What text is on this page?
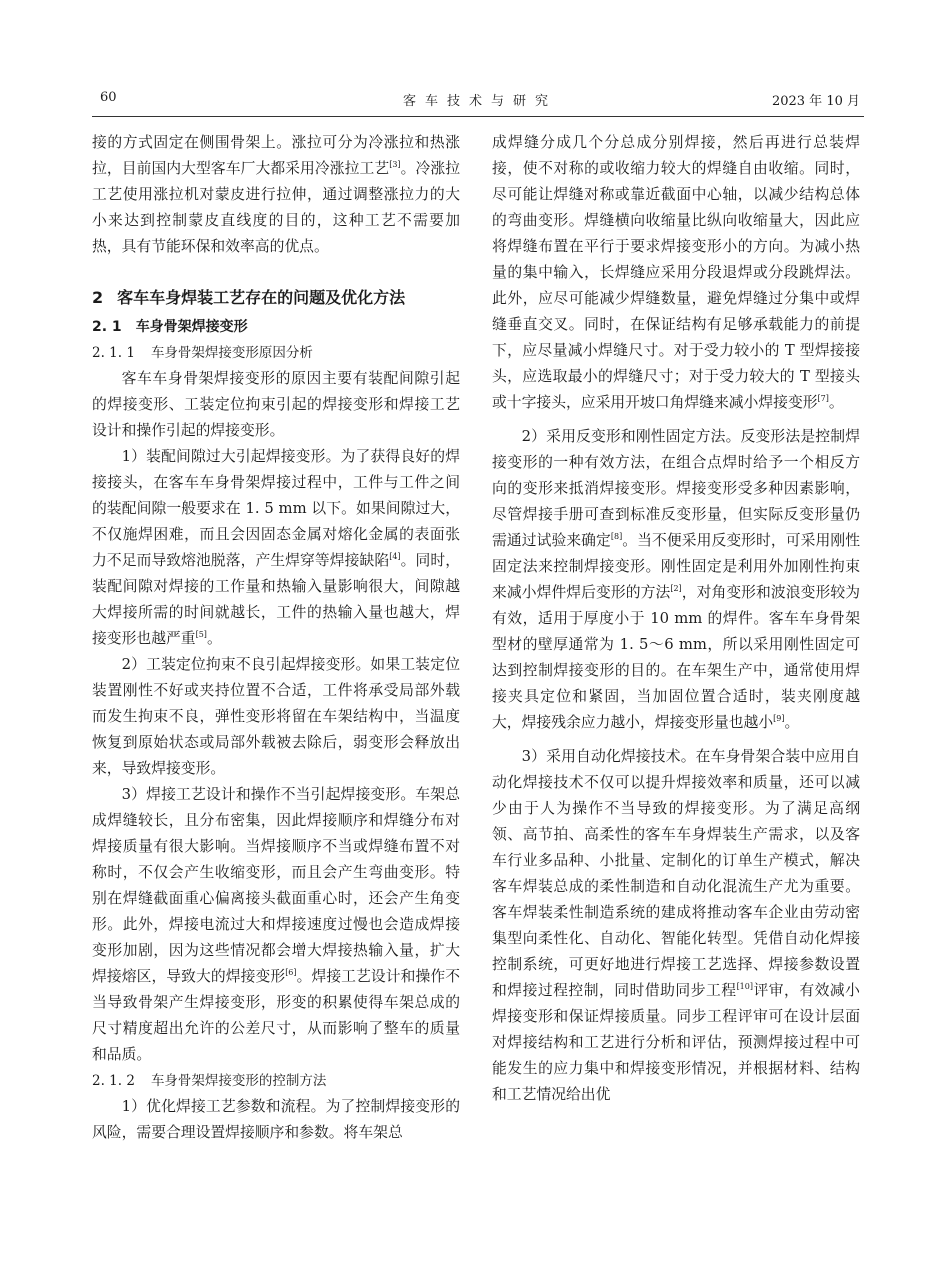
60	客车技术与研究	2023 年 10 月

接的方式固定在侧围骨架上。涨拉可分为冷涨拉和热涨拉，目前国内大型客车厂大都采用冷涨拉工艺[3]。冷涨拉工艺使用涨拉机对蒙皮进行拉伸，通过调整涨拉力的大小来达到控制蒙皮直线度的目的，这种工艺不需要加热，具有节能环保和效率高的优点。

2 客车车身焊装工艺存在的问题及优化方法
2. 1 车身骨架焊接变形
2. 1. 1 车身骨架焊接变形原因分析

客车车身骨架焊接变形的原因主要有装配间隙引起的焊接变形、工装定位拘束引起的焊接变形和焊接工艺设计和操作引起的焊接变形。

1）装配间隙过大引起焊接变形。为了获得良好的焊接接头，在客车车身骨架焊接过程中，工件与工件之间的装配间隙一般要求在 1. 5 mm 以下。如果间隙过大，不仅施焊困难，而且会因固态金属对熔化金属的表面张力不足而导致熔池脱落，产生焊穿等焊接缺陷[4]。同时，装配间隙对焊接的工作量和热输入量影响很大，间隙越大焊接所需的时间就越长，工件的热输入量也越大，焊接变形也越严重[5]。

2）工装定位拘束不良引起焊接变形。如果工装定位装置刚性不好或夹持位置不合适，工件将承受局部外载而发生拘束不良，弹性变形将留在车架结构中，当温度恢复到原始状态或局部外载被去除后，弱变形会释放出来，导致焊接变形。

3）焊接工艺设计和操作不当引起焊接变形。车架总成焊缝较长，且分布密集，因此焊接顺序和焊缝分布对焊接质量有很大影响。当焊接顺序不当或焊缝布置不对称时，不仅会产生收缩变形，而且会产生弯曲变形。特别在焊缝截面重心偏离接头截面重心时，还会产生角变形。此外，焊接电流过大和焊接速度过慢也会造成焊接变形加剧，因为这些情况都会增大焊接热输入量，扩大焊接熔区，导致大的焊接变形[6]。焊接工艺设计和操作不当导致骨架产生焊接变形，形变的积累使得车架总成的尺寸精度超出允许的公差尺寸，从而影响了整车的质量和品质。

2. 1. 2 车身骨架焊接变形的控制方法

1）优化焊接工艺参数和流程。为了控制焊接变形的风险，需要合理设置焊接顺序和参数。将车架总

成焊缝分成几个分总成分别焊接，然后再进行总装焊接，使不对称的或收缩力较大的焊缝自由收缩。同时，尽可能让焊缝对称或靠近截面中心轴，以减少结构总体的弯曲变形。焊缝横向收缩量比纵向收缩量大，因此应将焊缝布置在平行于要求焊接变形小的方向。为减小热量的集中输入，长焊缝应采用分段退焊或分段跳焊法。此外，应尽可能减少焊缝数量，避免焊缝过分集中或焊缝垂直交叉。同时，在保证结构有足够承载能力的前提下，应尽量减小焊缝尺寸。对于受力较小的 T 型焊接接头，应选取最小的焊缝尺寸；对于受力较大的 T 型接头或十字接头，应采用开坡口角焊缝来减小焊接变形[7]。

2）采用反变形和刚性固定方法。反变形法是控制焊接变形的一种有效方法，在组合点焊时给予一个相反方向的变形来抵消焊接变形。焊接变形受多种因素影响，尽管焊接手册可查到标准反变形量，但实际反变形量仍需通过试验来确定[8]。当不便采用反变形时，可采用刚性固定法来控制焊接变形。刚性固定是利用外加刚性拘束来减小焊件焊后变形的方法[2]，对角变形和波浪变形较为有效，适用于厚度小于 10 mm 的焊件。客车车身骨架型材的壁厚通常为 1. 5～6 mm，所以采用刚性固定可达到控制焊接变形的目的。在车架生产中，通常使用焊接夹具定位和紧固，当加固位置合适时，装夹刚度越大，焊接残余应力越小，焊接变形量也越小[9]。

3）采用自动化焊接技术。在车身骨架合装中应用自动化焊接技术不仅可以提升焊接效率和质量，还可以减少由于人为操作不当导致的焊接变形。为了满足高纲领、高节拍、高柔性的客车车身焊装生产需求，以及客车行业多品种、小批量、定制化的订单生产模式，解决客车焊装总成的柔性制造和自动化混流生产尤为重要。客车焊装柔性制造系统的建成将推动客车企业由劳动密集型向柔性化、自动化、智能化转型。凭借自动化焊接控制系统，可更好地进行焊接工艺选择、焊接参数设置和焊接过程控制，同时借助同步工程[10]评审，有效减小焊接变形和保证焊接质量。同步工程评审可在设计层面对焊接结构和工艺进行分析和评估，预测焊接过程中可能发生的应力集中和焊接变形情况，并根据材料、结构和工艺情况给出优
